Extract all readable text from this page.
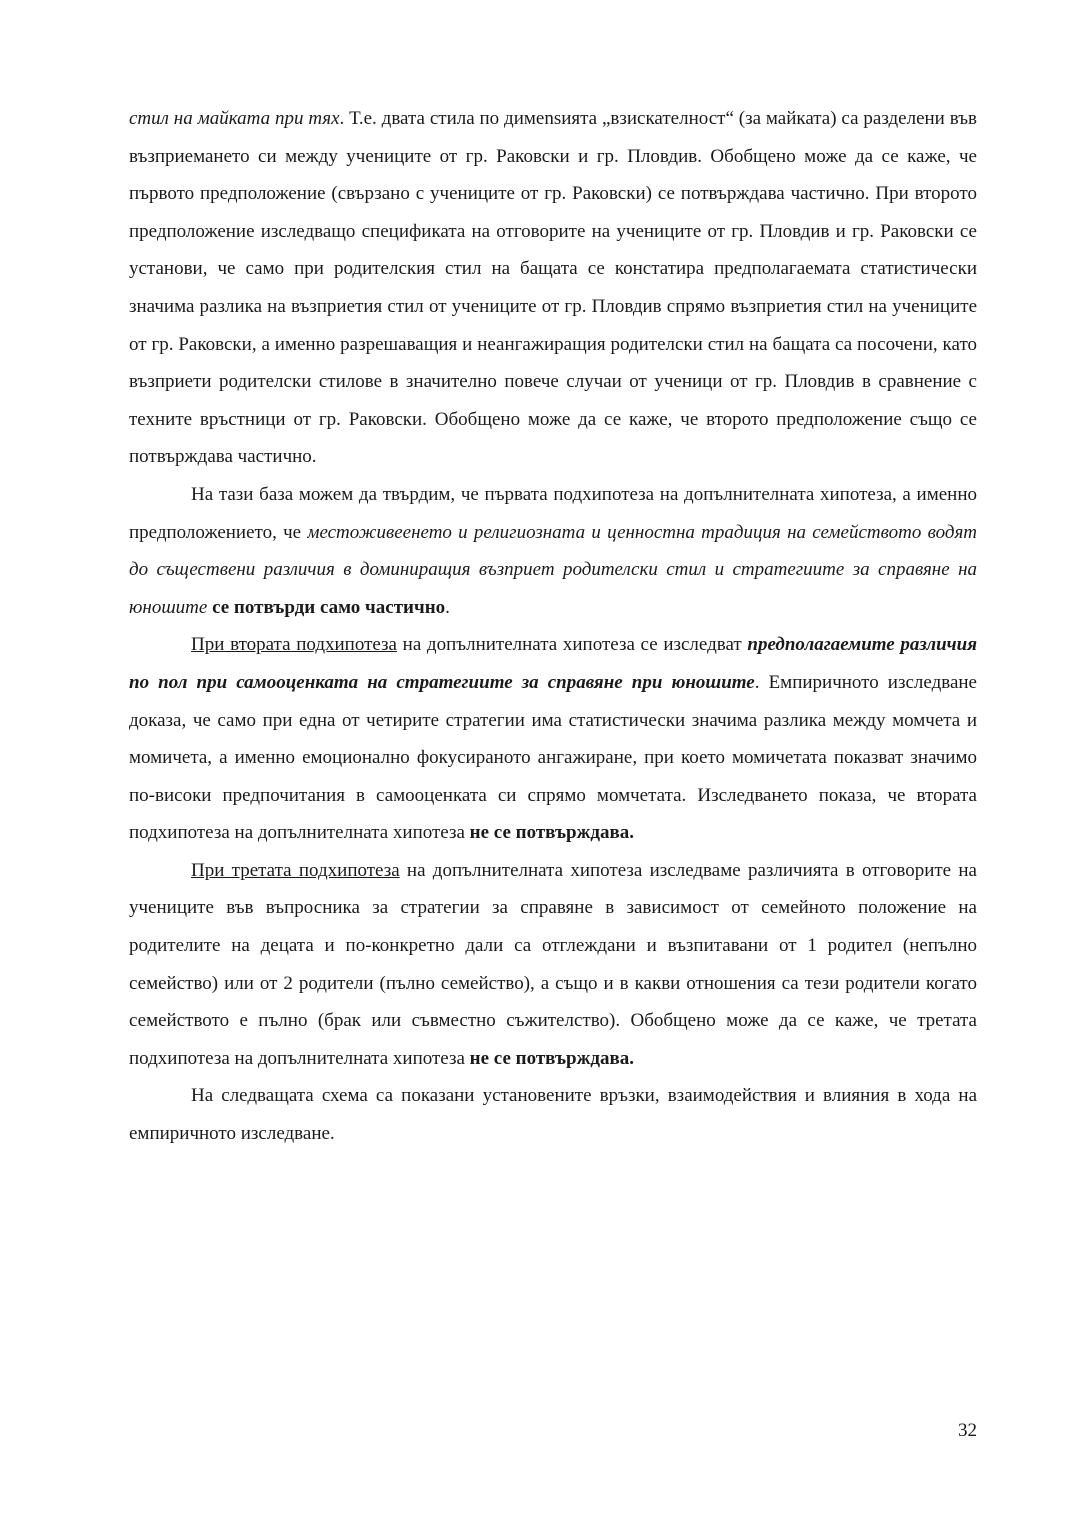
стил на майката при тях. Т.е. двата стила по димensията „взискателност“ (за майката) са разделени във възприемането си между учениците от гр. Раковски и гр. Пловдив. Обобщено може да се каже, че първото предположение (свързано с учениците от гр. Раковски) се потвърждава частично. При второто предположение изследващо спецификата на отговорите на учениците от гр. Пловдив и гр. Раковски се установи, че само при родителския стил на бащата се констатира предполагаемата статистически значима разлика на възприетия стил от учениците от гр. Пловдив спрямо възприетия стил на учениците от гр. Раковски, а именно разрешаващия и неангажиращия родителски стил на бащата са посочени, като възприети родителски стилове в значително повече случаи от ученици от гр. Пловдив в сравнение с техните връстници от гр. Раковски. Обобщено може да се каже, че второто предположение също се потвърждава частично.

На тази база можем да твърдим, че първата подхипотеза на допълнителната хипотеза, а именно предположението, че местоживеенето и религиозната и ценностна традиция на семейството водят до съществени различия в доминиращия възприет родителски стил и стратегиите за справяне на юношите се потвърди само частично.

При втората подхипотеза на допълнителната хипотеза се изследват предполагаемите различия по пол при самооценката на стратегиите за справяне при юношите. Емпиричното изследване доказа, че само при една от четирите стратегии има статистически значима разлика между момчета и момичета, а именно емоционално фокусираното ангажиране, при което момичетата показват значимо по-високи предпочитания в самооценката си спрямо момчетата. Изследването показа, че втората подхипотеза на допълнителната хипотеза не се потвърждава.

При третата подхипотеза на допълнителната хипотеза изследваме различията в отговорите на учениците във въпросника за стратегии за справяне в зависимост от семейното положение на родителите на децата и по-конкретно дали са отглеждани и възпитавани от 1 родител (непълно семейство) или от 2 родители (пълно семейство), а също и в какви отношения са тези родители когато семейството е пълно (брак или съвместно съжителство). Обобщено може да се каже, че третата подхипотеза на допълнителната хипотеза не се потвърждава.

На следващата схема са показани установените връзки, взаимодействия и влияния в хода на емпиричното изследване.

32
